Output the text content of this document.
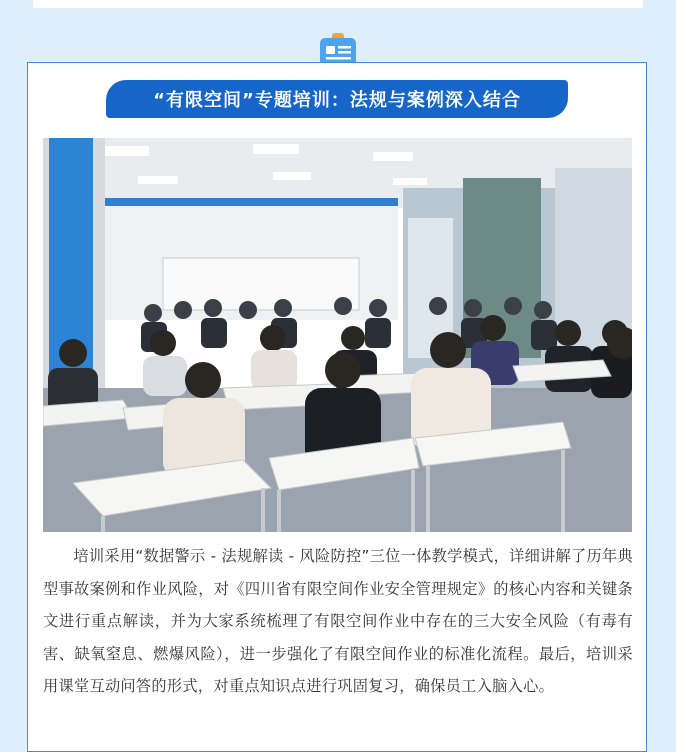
“有限空间”专题培训：法规与案例深入结合
培训采用“数据警示 - 法规解读 - 风险防控”三位一体教学模式，详细讲解了历年典型事故案例和作业风险，对《四川省有限空间作业安全管理规定》的核心内容和关键条文进行重点解读，并为大家系统梳理了有限空间作业中存在的三大安全风险（有毒有害、缺氧窒息、燃爆风险），进一步强化了有限空间作业的标准化流程。最后，培训采用课堂互动问答的形式，对重点知识点进行巩固复习，确保员工入脑入心。
